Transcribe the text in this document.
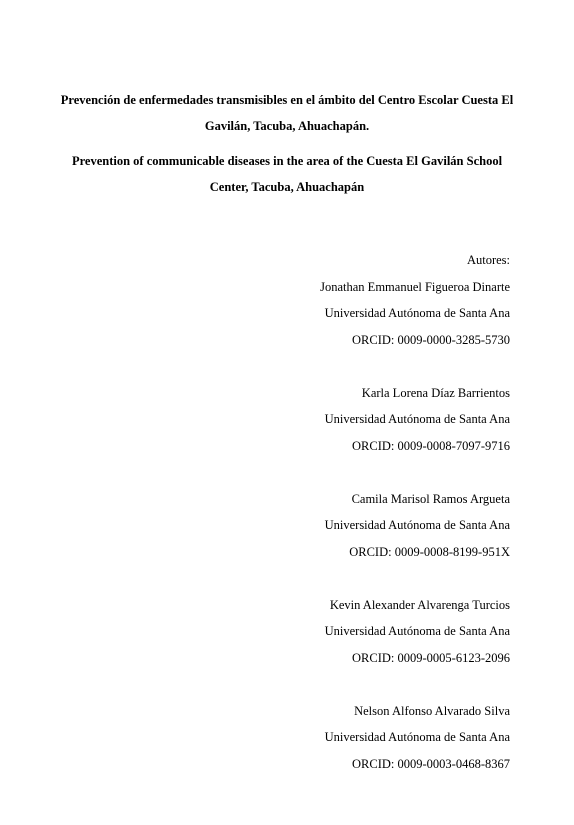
Prevención de enfermedades transmisibles en el ámbito del Centro Escolar Cuesta El Gavilán, Tacuba, Ahuachapán.
Prevention of communicable diseases in the area of the Cuesta El Gavilán School Center, Tacuba, Ahuachapán
Autores:
Jonathan Emmanuel Figueroa Dinarte
Universidad Autónoma de Santa Ana
ORCID: 0009-0000-3285-5730
Karla Lorena Díaz Barrientos
Universidad Autónoma de Santa Ana
ORCID: 0009-0008-7097-9716
Camila Marisol Ramos Argueta
Universidad Autónoma de Santa Ana
ORCID: 0009-0008-8199-951X
Kevin Alexander Alvarenga Turcios
Universidad Autónoma de Santa Ana
ORCID: 0009-0005-6123-2096
Nelson Alfonso Alvarado Silva
Universidad Autónoma de Santa Ana
ORCID: 0009-0003-0468-8367
